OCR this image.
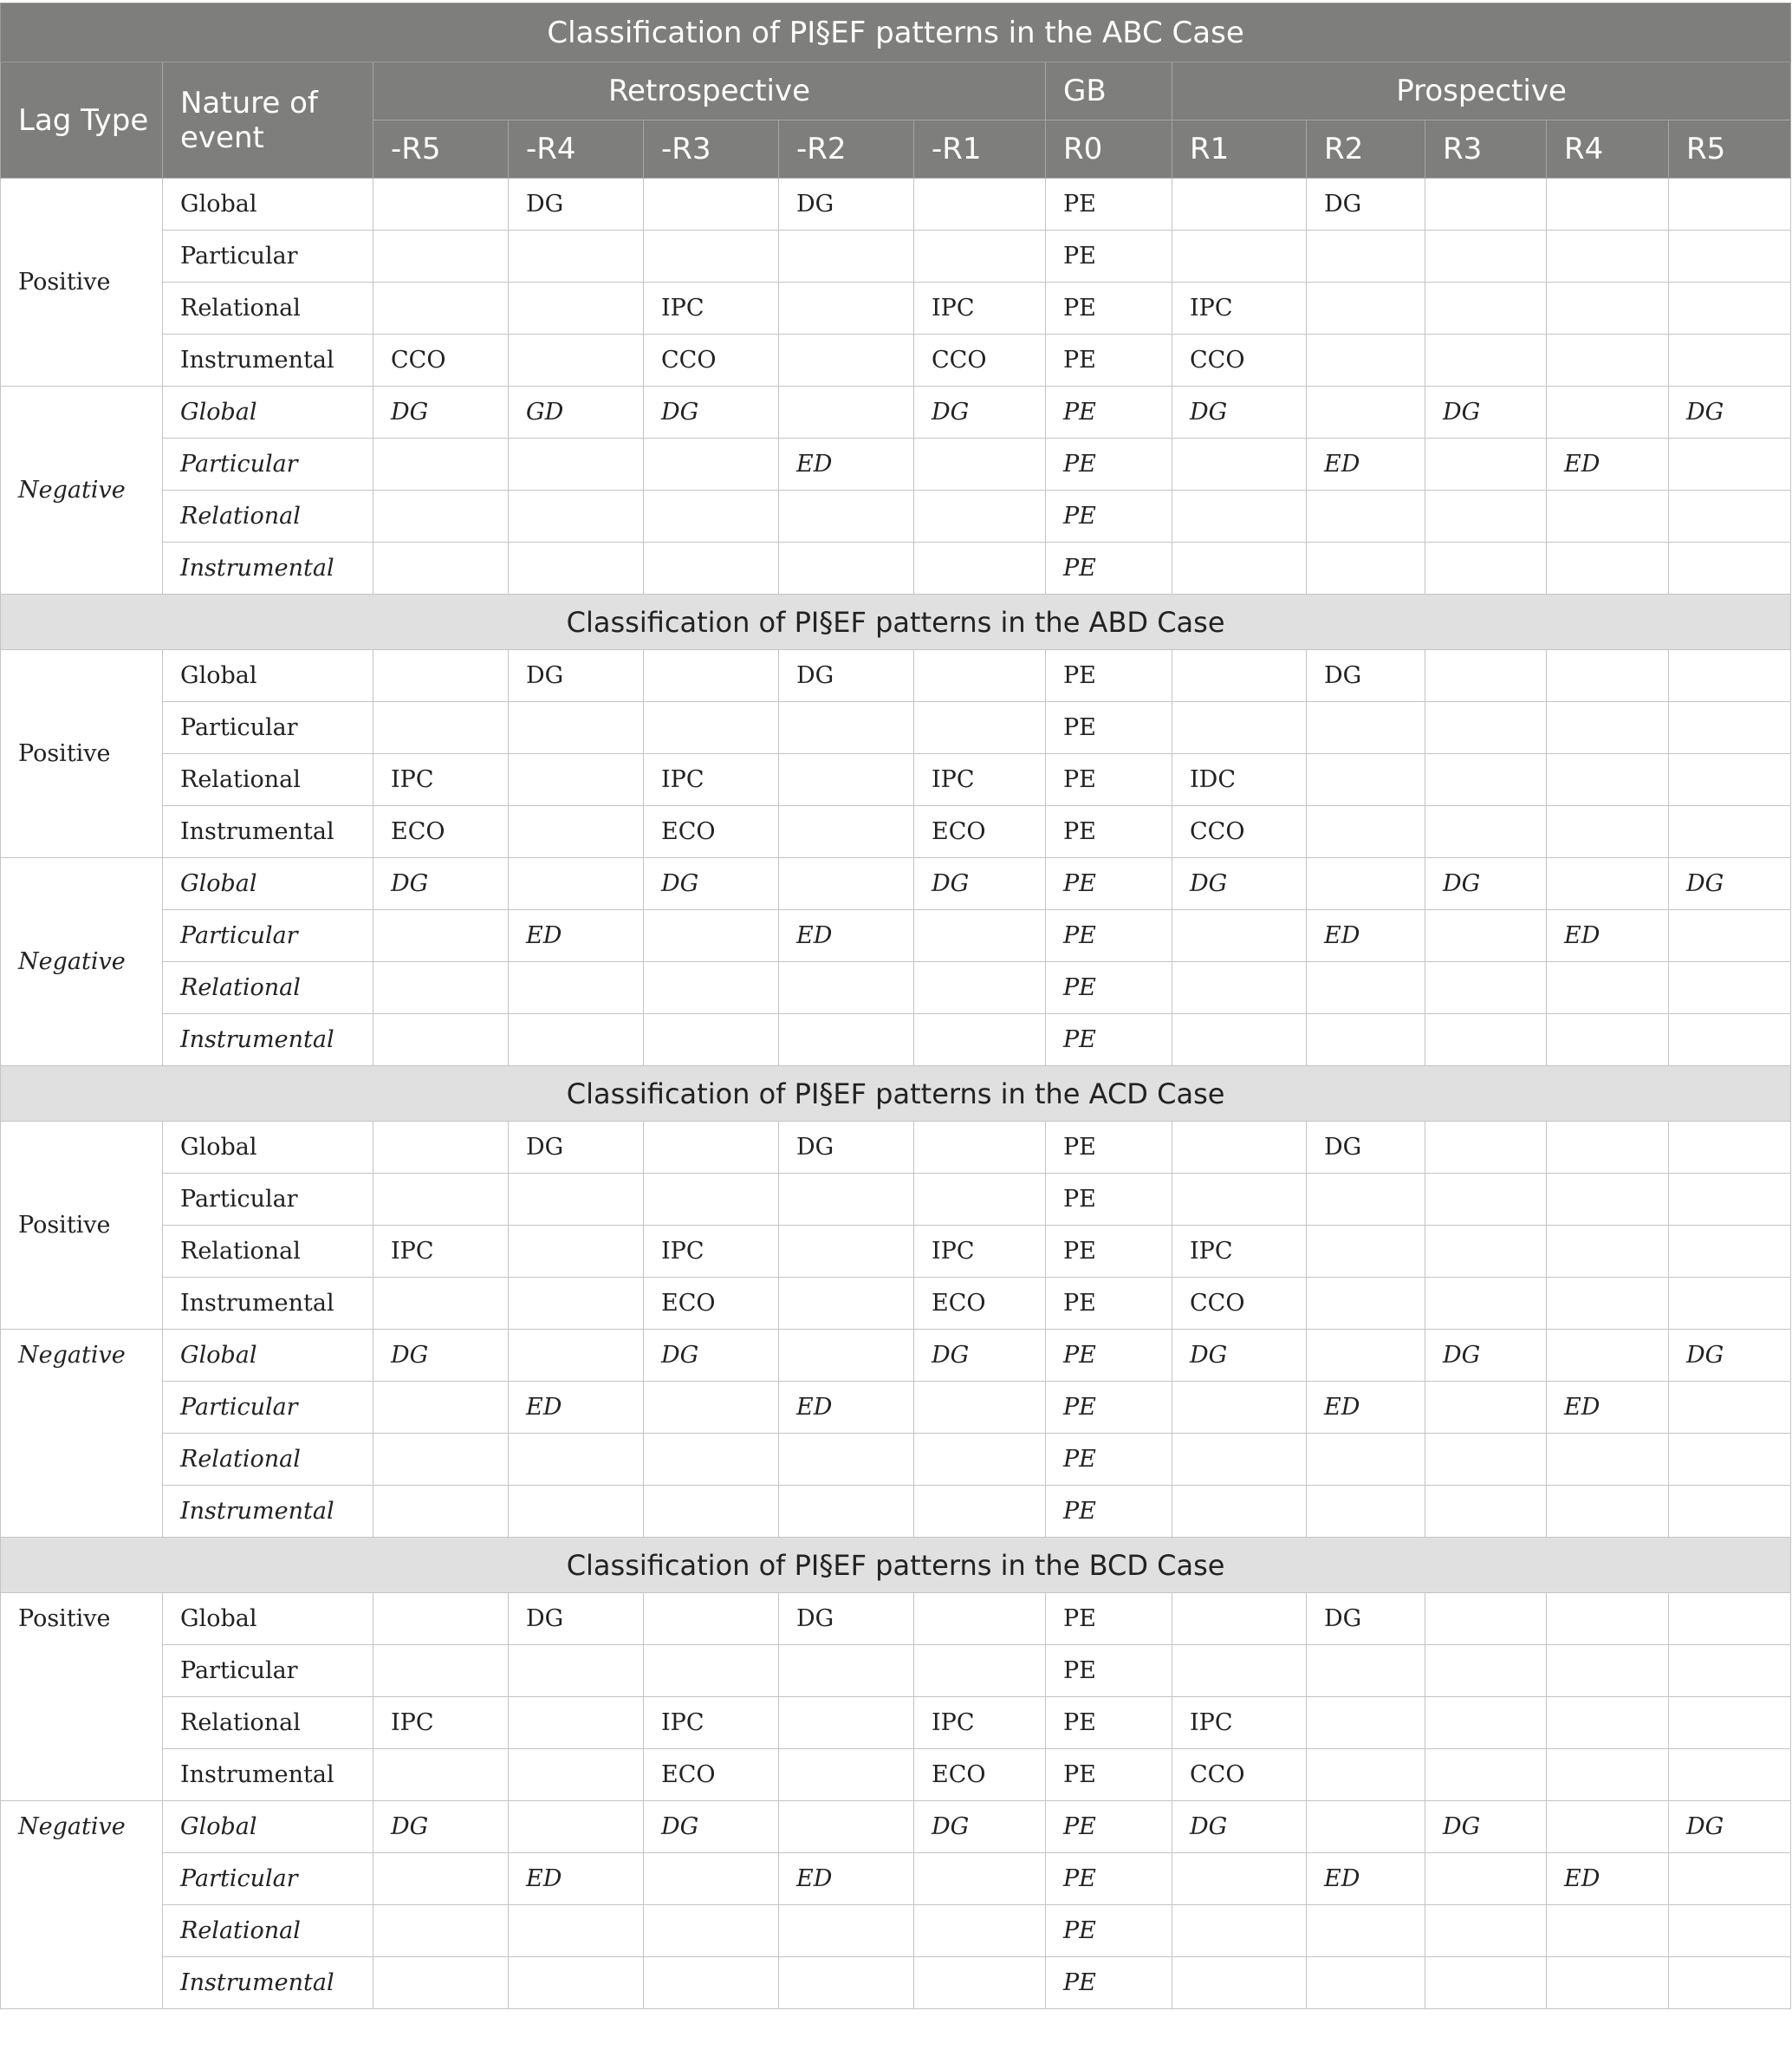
Classification of PI§EF patterns in the ABC Case												
Lag Type	Nature of event	Retrospective					GB	Prospective				
		-R5	-R4	-R3	-R2	-R1	R0	R1	R2	R3	R4	R5
Positive	Global		DG		DG		PE		DG			
	Particular						PE					
	Relational			IPC		IPC	PE	IPC				
	Instrumental	CCO		CCO		CCO	PE	CCO				
Negative	Global	DG	GD	DG		DG	PE	DG		DG		DG
	Particular				ED		PE		ED		ED	
	Relational						PE					
	Instrumental						PE					
Classification of PI§EF patterns in the ABD Case												
Positive	Global		DG		DG		PE		DG			
	Particular						PE					
	Relational	IPC		IPC		IPC	PE	IDC				
	Instrumental	ECO		ECO		ECO	PE	CCO				
Negative	Global	DG		DG		DG	PE	DG		DG		DG
	Particular		ED		ED		PE		ED		ED	
	Relational						PE					
	Instrumental						PE					
Classification of PI§EF patterns in the ACD Case												
Positive	Global		DG		DG		PE		DG			
	Particular						PE					
	Relational	IPC		IPC		IPC	PE	IPC				
	Instrumental			ECO		ECO	PE	CCO				
Negative	Global	DG		DG		DG	PE	DG		DG		DG
	Particular		ED		ED		PE		ED		ED	
	Relational						PE					
	Instrumental						PE					
Classification of PI§EF patterns in the BCD Case												
Positive	Global		DG		DG		PE		DG			
	Particular						PE					
	Relational	IPC		IPC		IPC	PE	IPC				
	Instrumental			ECO		ECO	PE	CCO				
Negative	Global	DG		DG		DG	PE	DG		DG		DG
	Particular		ED		ED		PE		ED		ED	
	Relational						PE					
	Instrumental						PE					
